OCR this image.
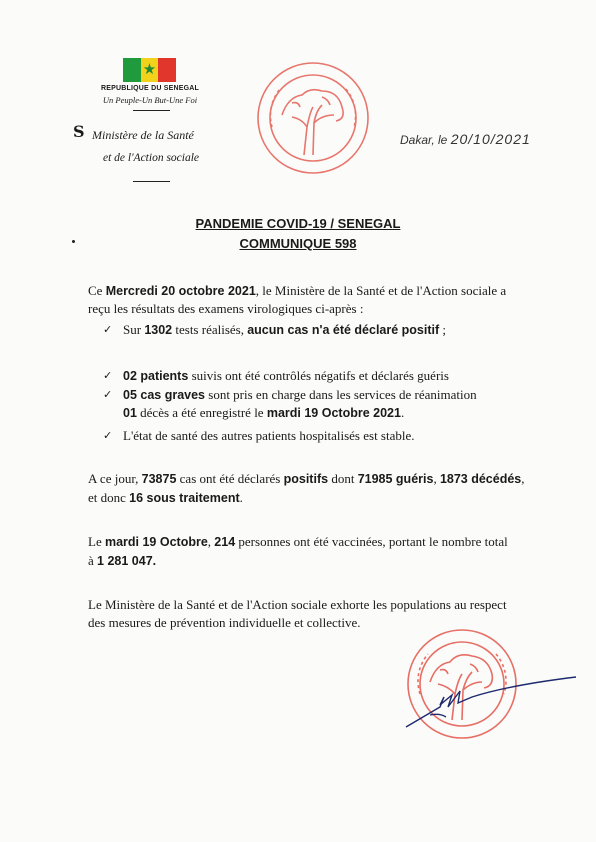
★
REPUBLIQUE DU SENEGAL
Un Peuple-Un But-Une Foi
S Ministère de la Santé
et de l'Action sociale
Dakar, le 20/10/2021
PANDEMIE COVID-19 / SENEGAL
COMMUNIQUE 598
Ce Mercredi 20 octobre 2021, le Ministère de la Santé et de l'Action sociale a
reçu les résultats des examens virologiques ci-après :
✓ Sur 1302 tests réalisés, aucun cas n'a été déclaré positif ;
✓ 02 patients suivis ont été contrôlés négatifs et déclarés guéris
✓ 05 cas graves sont pris en charge dans les services de réanimation
01 décès a été enregistré le mardi 19 Octobre 2021.
✓ L'état de santé des autres patients hospitalisés est stable.
A ce jour, 73875 cas ont été déclarés positifs dont 71985 guéris, 1873 décédés,
et donc 16 sous traitement.
Le mardi 19 Octobre, 214 personnes ont été vaccinées, portant le nombre total
à 1 281 047.
Le Ministère de la Santé et de l'Action sociale exhorte les populations au respect
des mesures de prévention individuelle et collective.
